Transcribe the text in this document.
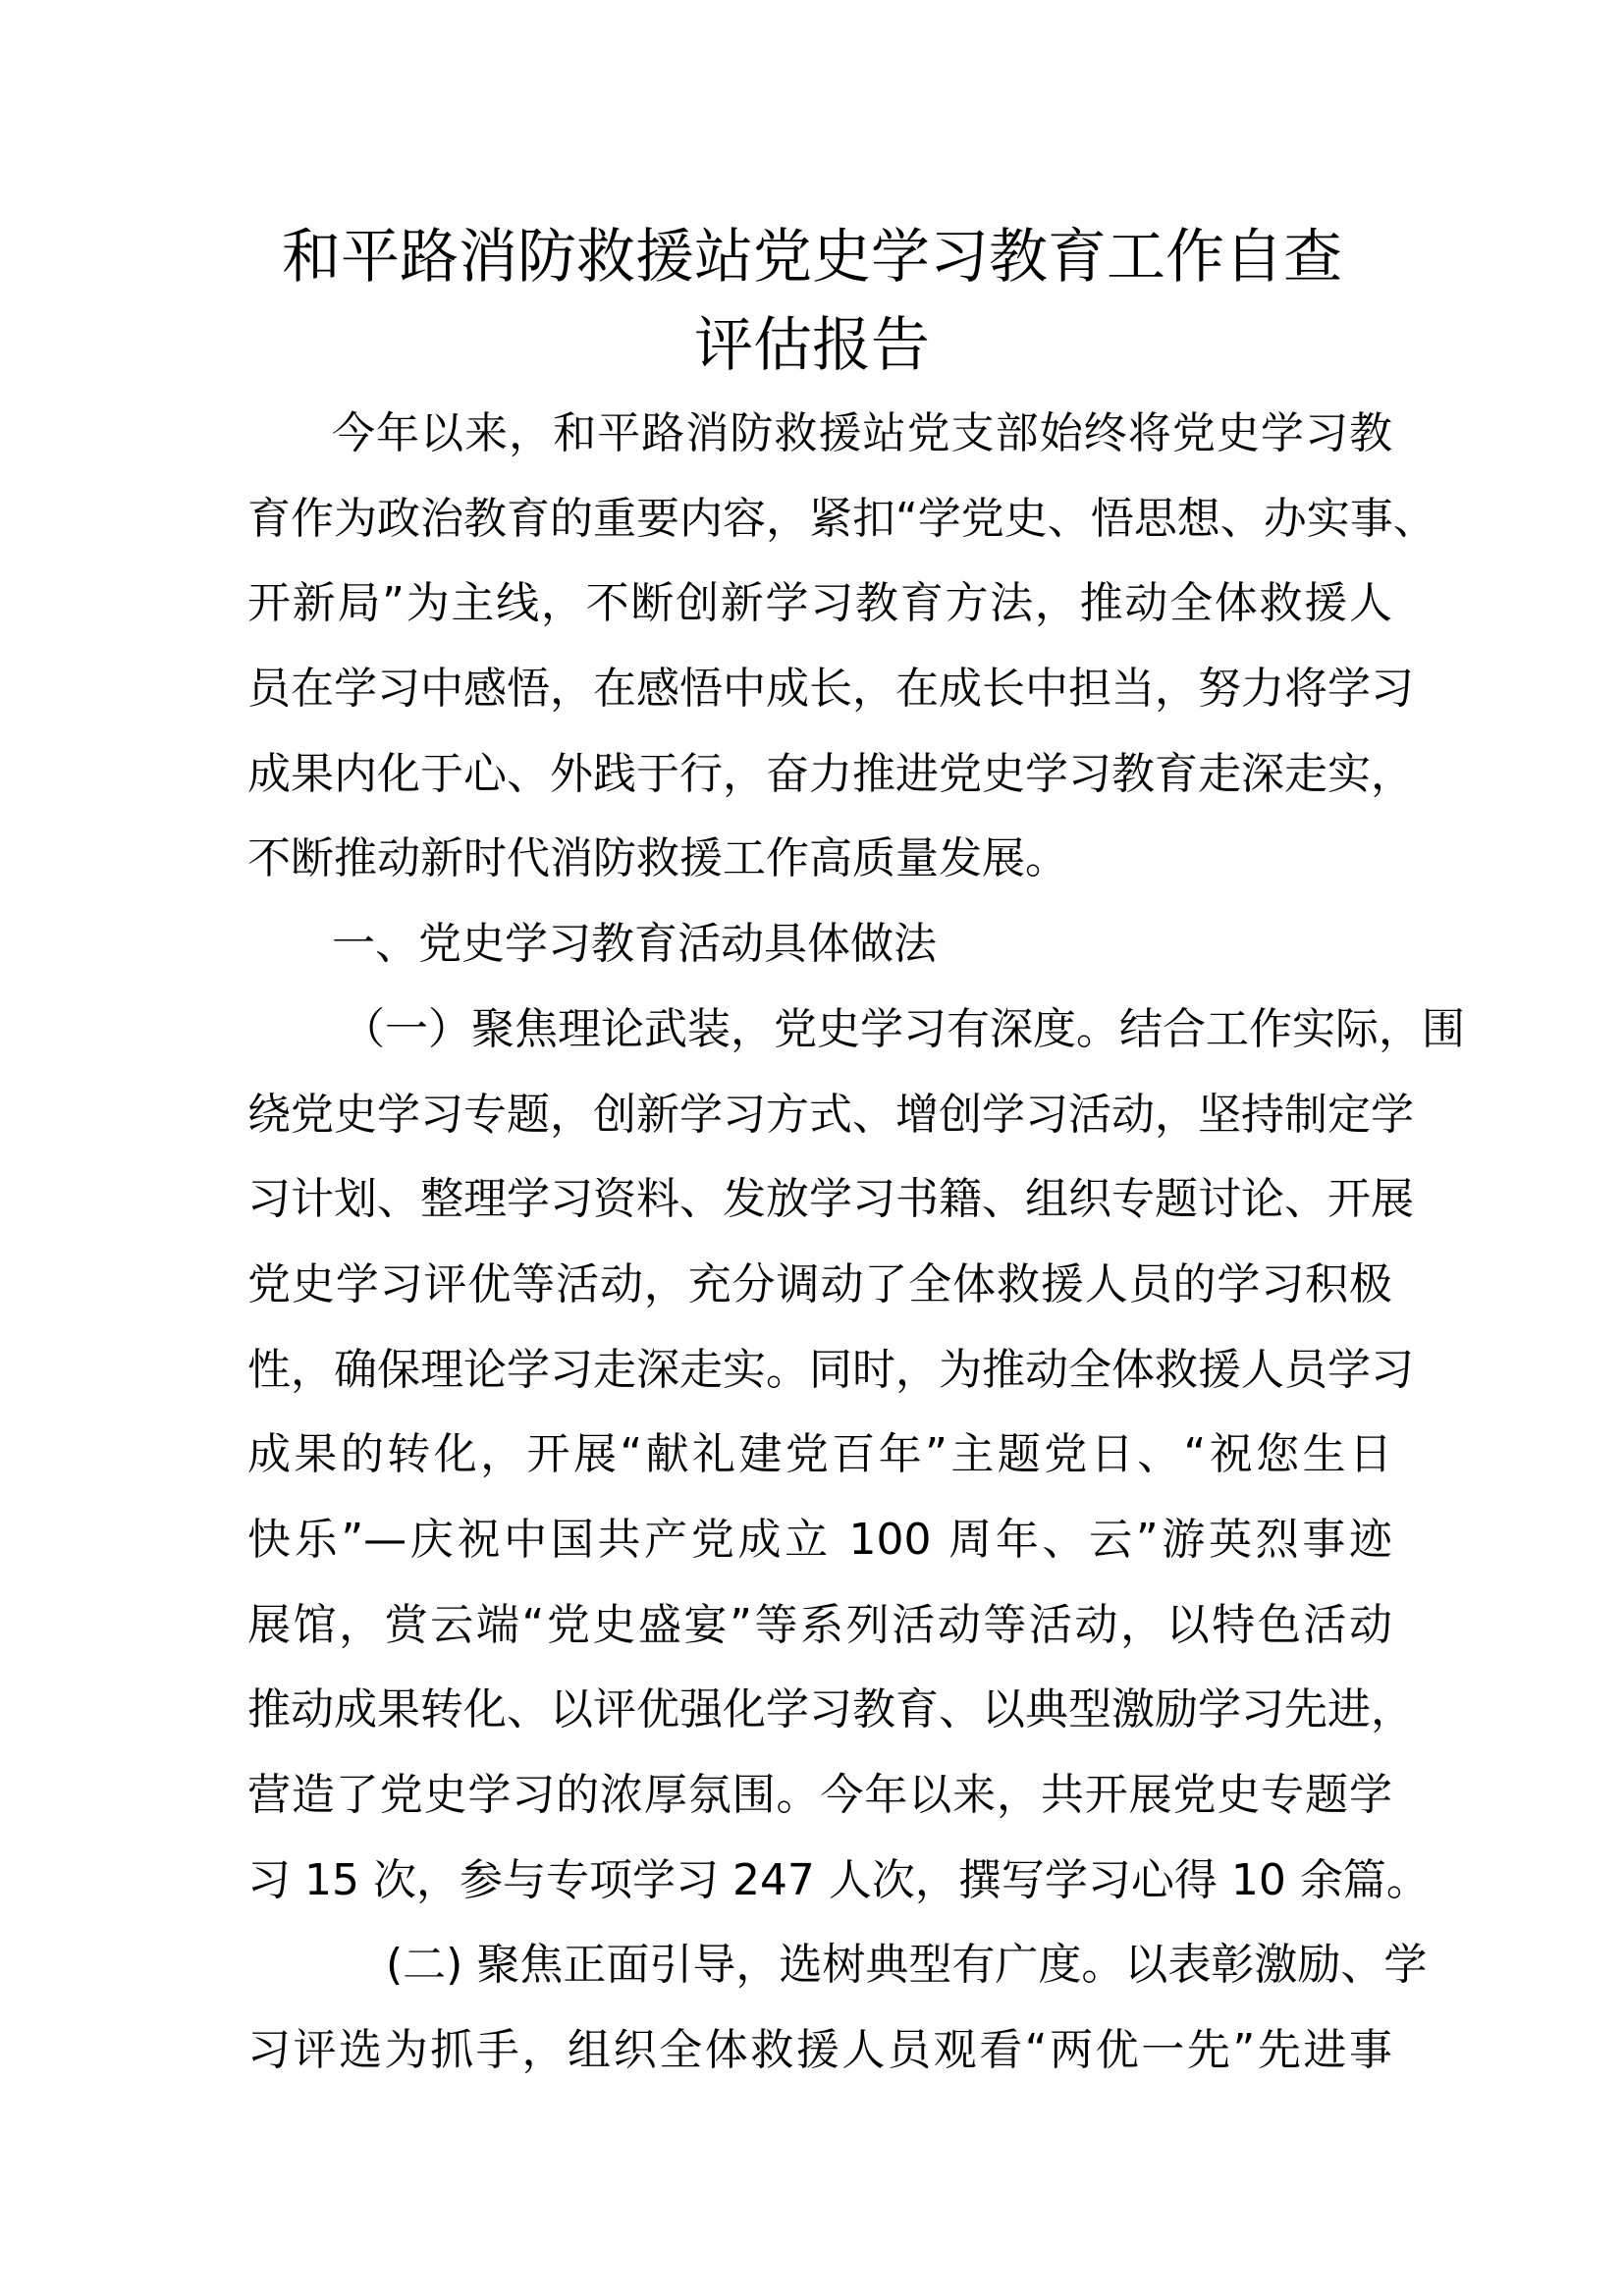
和平路消防救援站党史学习教育工作自查
评估报告
今年以来，和平路消防救援站党支部始终将党史学习教
育作为政治教育的重要内容，紧扣“学党史、悟思想、办实事、
开新局”为主线，不断创新学习教育方法，推动全体救援人
员在学习中感悟，在感悟中成长，在成长中担当，努力将学习
成果内化于心、外践于行，奋力推进党史学习教育走深走实，
不断推动新时代消防救援工作高质量发展。
一、党史学习教育活动具体做法
（一）聚焦理论武装，党史学习有深度。结合工作实际，围
绕党史学习专题，创新学习方式、增创学习活动，坚持制定学
习计划、整理学习资料、发放学习书籍、组织专题讨论、开展
党史学习评优等活动，充分调动了全体救援人员的学习积极
性，确保理论学习走深走实。同时，为推动全体救援人员学习
成果的转化，开展“献礼建党百年”主题党日、“祝您生日
快乐”—庆祝中国共产党成立 100 周年、云”游英烈事迹
展馆，赏云端“党史盛宴”等系列活动等活动，以特色活动
推动成果转化、以评优强化学习教育、以典型激励学习先进，
营造了党史学习的浓厚氛围。今年以来，共开展党史专题学
习 15 次，参与专项学习 247 人次，撰写学习心得 10 余篇。
(二) 聚焦正面引导，选树典型有广度。以表彰激励、学
习评选为抓手，组织全体救援人员观看“两优一先”先进事
